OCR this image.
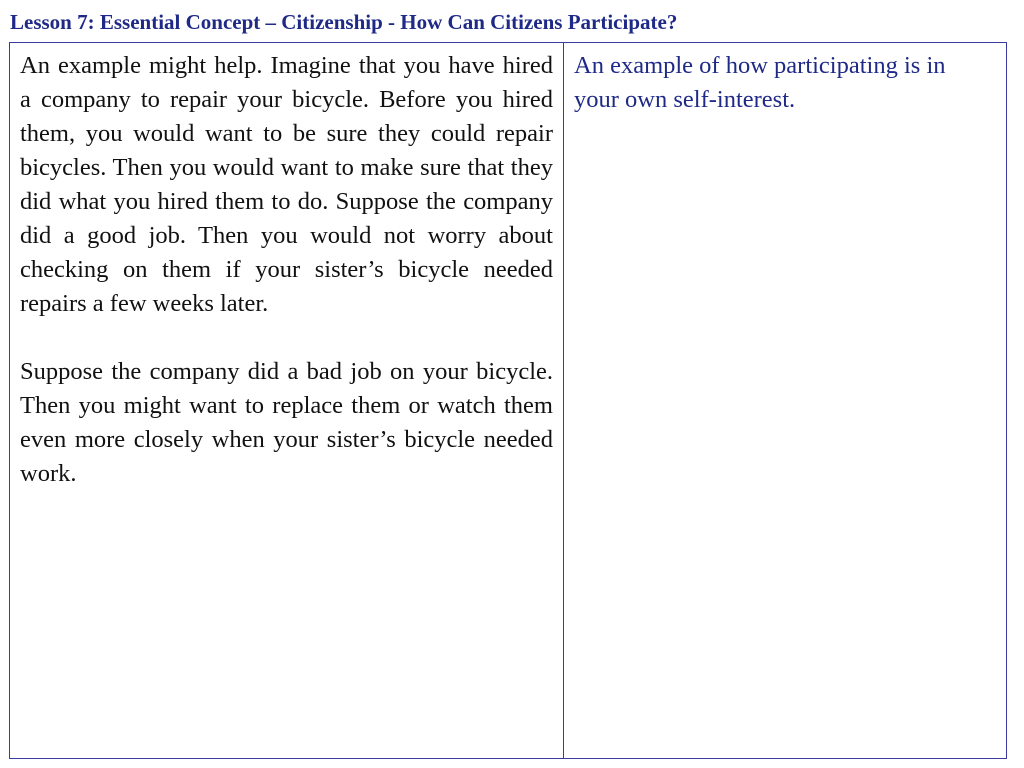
Lesson 7: Essential Concept – Citizenship - How Can Citizens Participate?

An example might help. Imagine that you have hired a company to repair your bicycle. Before you hired them, you would want to be sure they could repair bicycles. Then you would want to make sure that they did what you hired them to do. Suppose the company did a good job. Then you would not worry about checking on them if your sister’s bicycle needed repairs a few weeks later.

Suppose the company did a bad job on your bicycle. Then you might want to replace them or watch them even more closely when your sister’s bicycle needed work.

An example of how participating is in your own self-interest.
